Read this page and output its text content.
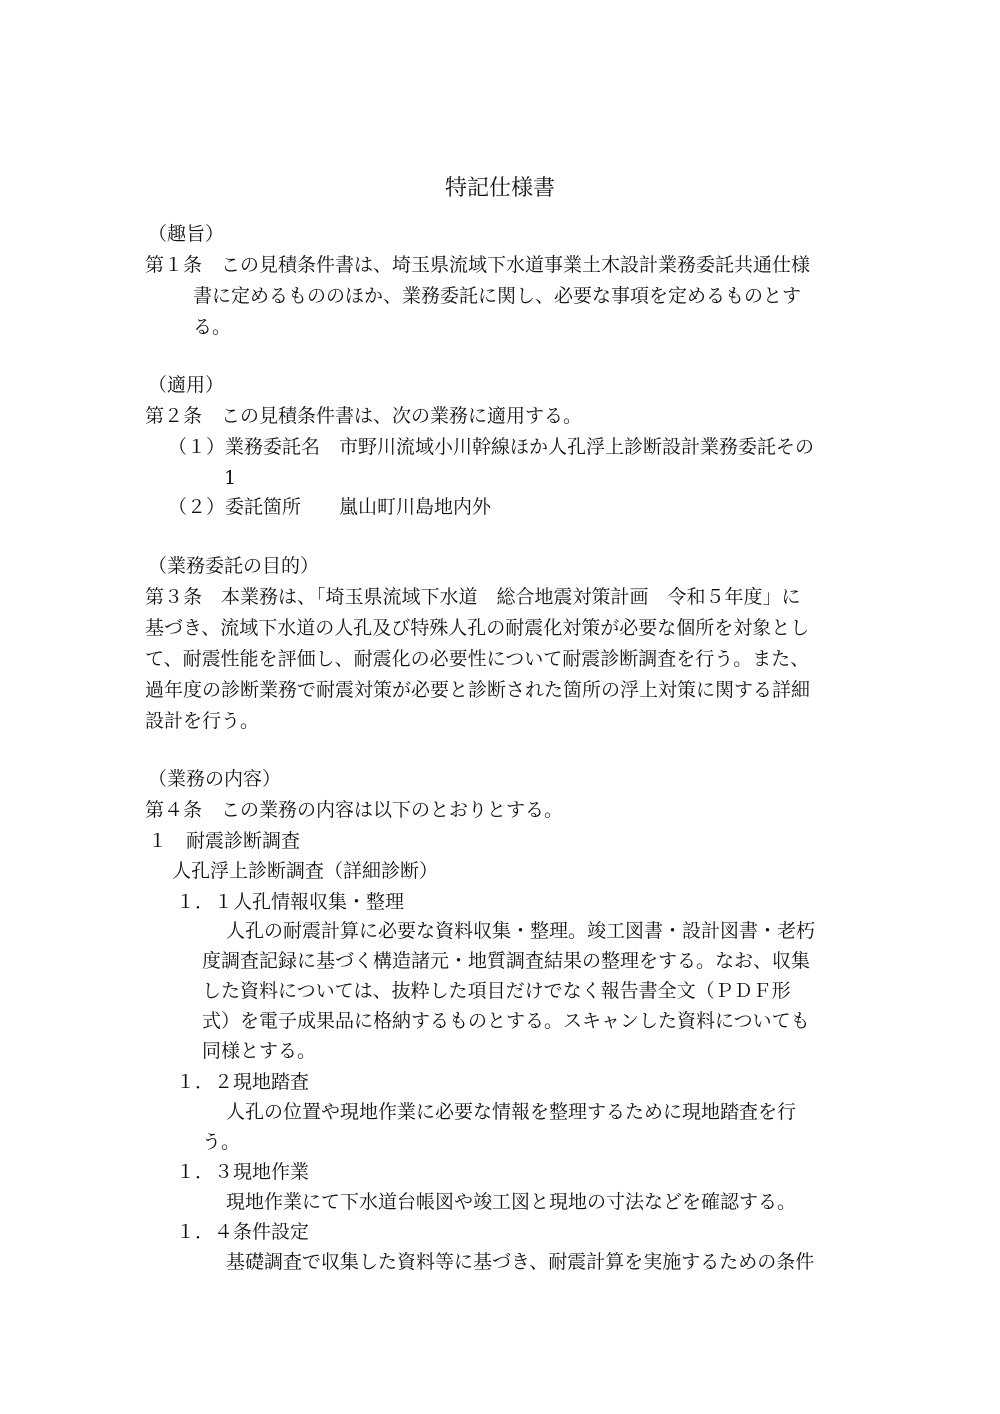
特記仕様書
（趣旨）
第１条　この見積条件書は、埼玉県流域下水道事業土木設計業務委託共通仕様
書に定めるもののほか、業務委託に関し、必要な事項を定めるものとす
る。
（適用）
第２条　この見積条件書は、次の業務に適用する。
（１）業務委託名　市野川流域小川幹線ほか人孔浮上診断設計業務委託その
1
（２）委託箇所　　嵐山町川島地内外
（業務委託の目的）
第３条　本業務は、「埼玉県流域下水道　総合地震対策計画　令和５年度」に
基づき、流域下水道の人孔及び特殊人孔の耐震化対策が必要な個所を対象とし
て、耐震性能を評価し、耐震化の必要性について耐震診断調査を行う。また、
過年度の診断業務で耐震対策が必要と診断された箇所の浮上対策に関する詳細
設計を行う。
（業務の内容）
第４条　この業務の内容は以下のとおりとする。
１　耐震診断調査
人孔浮上診断調査（詳細診断）
１．１人孔情報収集・整理
人孔の耐震計算に必要な資料収集・整理。竣工図書・設計図書・老朽
度調査記録に基づく構造諸元・地質調査結果の整理をする。なお、収集
した資料については、抜粋した項目だけでなく報告書全文（ＰＤＦ形
式）を電子成果品に格納するものとする。スキャンした資料についても
同様とする。
１．２現地踏査
人孔の位置や現地作業に必要な情報を整理するために現地踏査を行
う。
１．３現地作業
現地作業にて下水道台帳図や竣工図と現地の寸法などを確認する。
１．４条件設定
基礎調査で収集した資料等に基づき、耐震計算を実施するための条件
